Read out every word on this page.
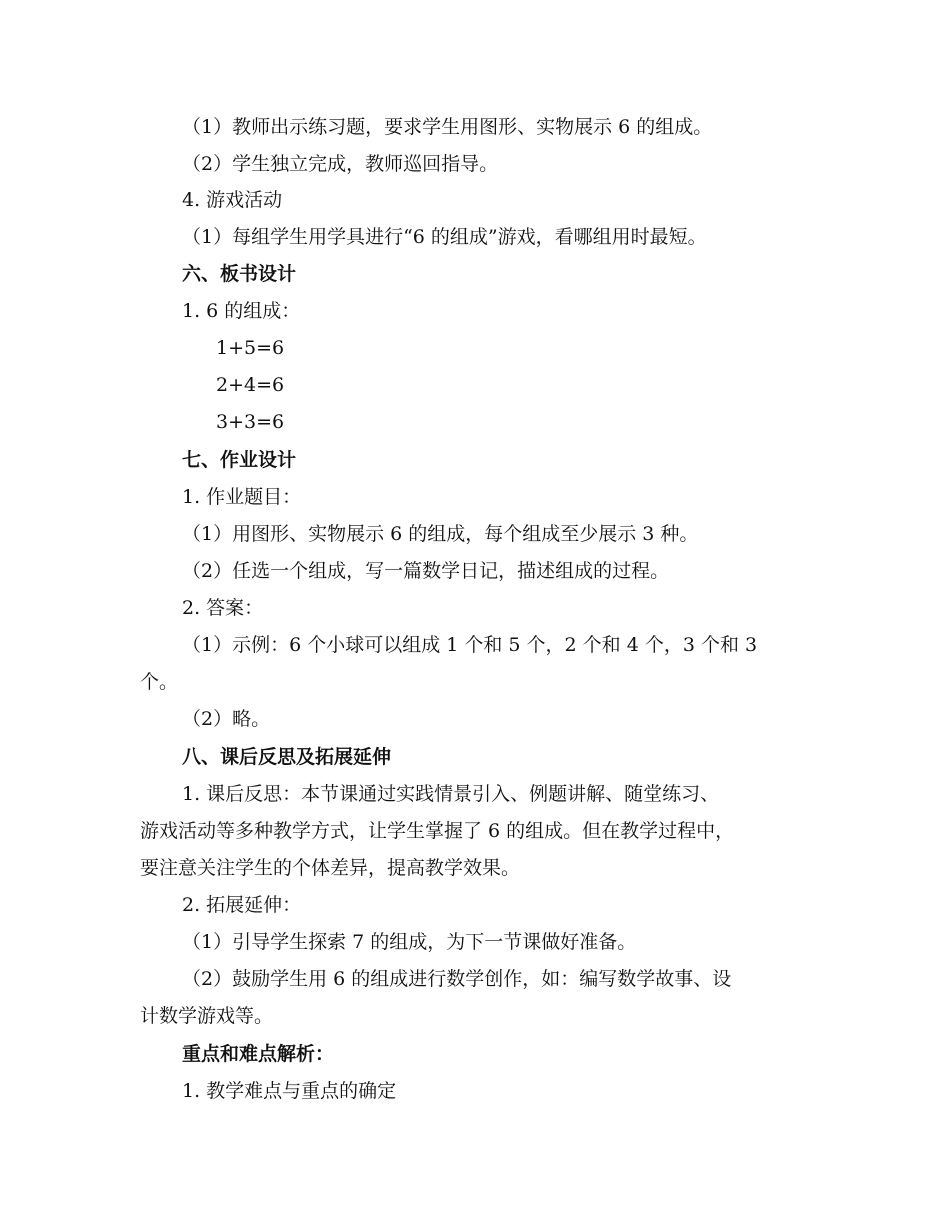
（1）教师出示练习题，要求学生用图形、实物展示 6 的组成。

（2）学生独立完成，教师巡回指导。

4. 游戏活动

（1）每组学生用学具进行“6 的组成”游戏，看哪组用时最短。

六、板书设计

1. 6 的组成：

1+5=6

2+4=6

3+3=6

七、作业设计

1. 作业题目：

（1）用图形、实物展示 6 的组成，每个组成至少展示 3 种。

（2）任选一个组成，写一篇数学日记，描述组成的过程。

2. 答案：

（1）示例：6 个小球可以组成 1 个和 5 个，2 个和 4 个，3 个和 3

个。

（2）略。

八、课后反思及拓展延伸

1. 课后反思：本节课通过实践情景引入、例题讲解、随堂练习、

游戏活动等多种教学方式，让学生掌握了 6 的组成。但在教学过程中，

要注意关注学生的个体差异，提高教学效果。

2. 拓展延伸：

（1）引导学生探索 7 的组成，为下一节课做好准备。

（2）鼓励学生用 6 的组成进行数学创作，如：编写数学故事、设

计数学游戏等。

重点和难点解析：

1. 教学难点与重点的确定
